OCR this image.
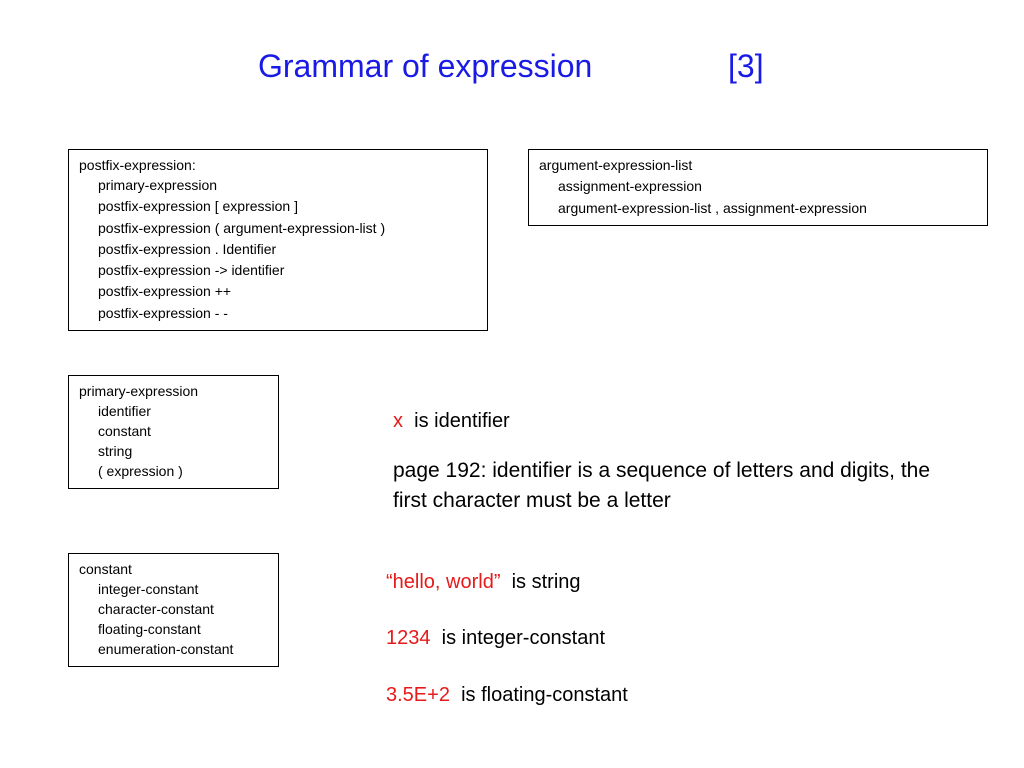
Grammar of expression	[3]
postfix-expression:
primary-expression
postfix-expression [ expression ]
postfix-expression ( argument-expression-list )
postfix-expression . Identifier
postfix-expression -> identifier
postfix-expression ++
postfix-expression - -
argument-expression-list
assignment-expression
argument-expression-list , assignment-expression
primary-expression
identifier
constant
string
( expression )
constant
integer-constant
character-constant
floating-constant
enumeration-constant
x is identifier
page 192: identifier is a sequence of letters and digits, the first character must be a letter
“hello, world” is string
1234 is integer-constant
3.5E+2 is floating-constant
